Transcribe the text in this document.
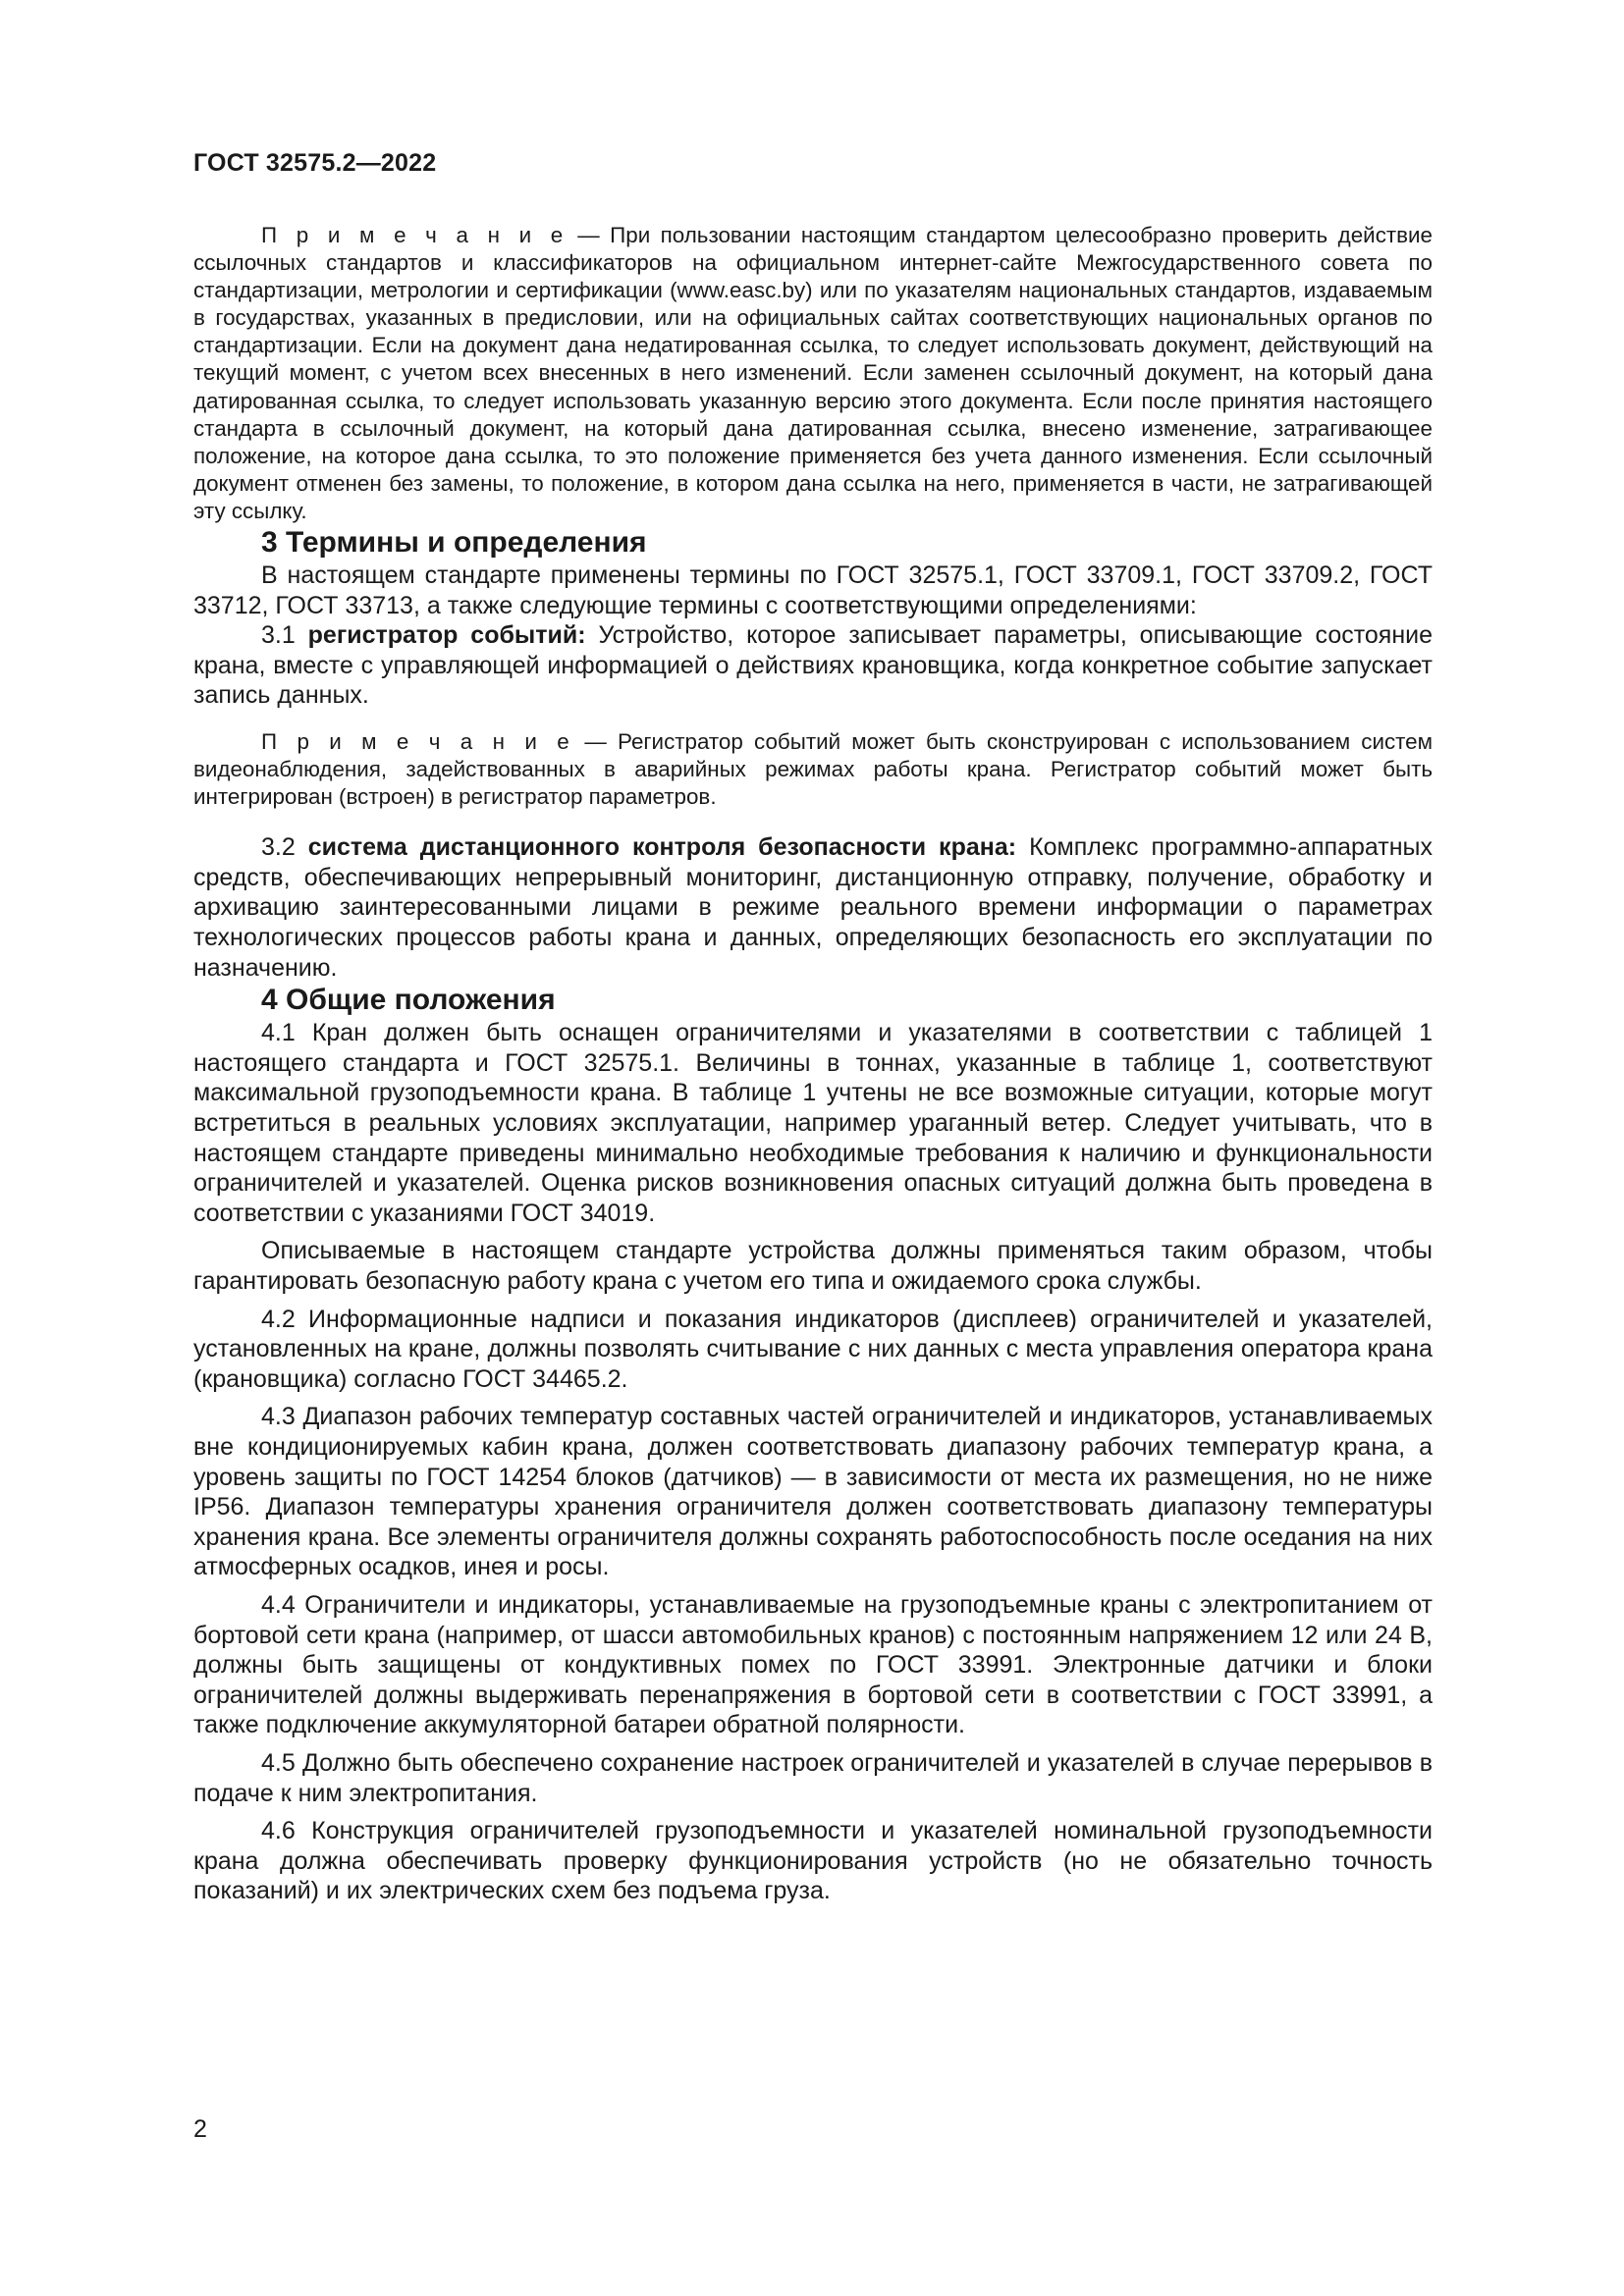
ГОСТ 32575.2—2022

П р и м е ч а н и е — При пользовании настоящим стандартом целесообразно проверить действие ссылочных стандартов и классификаторов на официальном интернет-сайте Межгосударственного совета по стандартизации, метрологии и сертификации (www.easc.by) или по указателям национальных стандартов, издаваемым в государствах, указанных в предисловии, или на официальных сайтах соответствующих национальных органов по стандартизации. Если на документ дана недатированная ссылка, то следует использовать документ, действующий на текущий момент, с учетом всех внесенных в него изменений. Если заменен ссылочный документ, на который дана датированная ссылка, то следует использовать указанную версию этого документа. Если после принятия настоящего стандарта в ссылочный документ, на который дана датированная ссылка, внесено изменение, затрагивающее положение, на которое дана ссылка, то это положение применяется без учета данного изменения. Если ссылочный документ отменен без замены, то положение, в котором дана ссылка на него, применяется в части, не затрагивающей эту ссылку.

3 Термины и определения

В настоящем стандарте применены термины по ГОСТ 32575.1, ГОСТ 33709.1, ГОСТ 33709.2, ГОСТ 33712, ГОСТ 33713, а также следующие термины с соответствующими определениями:

3.1 регистратор событий: Устройство, которое записывает параметры, описывающие состояние крана, вместе с управляющей информацией о действиях крановщика, когда конкретное событие запускает запись данных.

П р и м е ч а н и е — Регистратор событий может быть сконструирован с использованием систем видеонаблюдения, задействованных в аварийных режимах работы крана. Регистратор событий может быть интегрирован (встроен) в регистратор параметров.

3.2 система дистанционного контроля безопасности крана: Комплекс программно-аппаратных средств, обеспечивающих непрерывный мониторинг, дистанционную отправку, получение, обработку и архивацию заинтересованными лицами в режиме реального времени информации о параметрах технологических процессов работы крана и данных, определяющих безопасность его эксплуатации по назначению.

4 Общие положения

4.1 Кран должен быть оснащен ограничителями и указателями в соответствии с таблицей 1 настоящего стандарта и ГОСТ 32575.1. Величины в тоннах, указанные в таблице 1, соответствуют максимальной грузоподъемности крана. В таблице 1 учтены не все возможные ситуации, которые могут встретиться в реальных условиях эксплуатации, например ураганный ветер. Следует учитывать, что в настоящем стандарте приведены минимально необходимые требования к наличию и функциональности ограничителей и указателей. Оценка рисков возникновения опасных ситуаций должна быть проведена в соответствии с указаниями ГОСТ 34019.

Описываемые в настоящем стандарте устройства должны применяться таким образом, чтобы гарантировать безопасную работу крана с учетом его типа и ожидаемого срока службы.

4.2 Информационные надписи и показания индикаторов (дисплеев) ограничителей и указателей, установленных на кране, должны позволять считывание с них данных с места управления оператора крана (крановщика) согласно ГОСТ 34465.2.

4.3 Диапазон рабочих температур составных частей ограничителей и индикаторов, устанавливаемых вне кондиционируемых кабин крана, должен соответствовать диапазону рабочих температур крана, а уровень защиты по ГОСТ 14254 блоков (датчиков) — в зависимости от места их размещения, но не ниже IP56. Диапазон температуры хранения ограничителя должен соответствовать диапазону температуры хранения крана. Все элементы ограничителя должны сохранять работоспособность после оседания на них атмосферных осадков, инея и росы.

4.4 Ограничители и индикаторы, устанавливаемые на грузоподъемные краны с электропитанием от бортовой сети крана (например, от шасси автомобильных кранов) с постоянным напряжением 12 или 24 В, должны быть защищены от кондуктивных помех по ГОСТ 33991. Электронные датчики и блоки ограничителей должны выдерживать перенапряжения в бортовой сети в соответствии с ГОСТ 33991, а также подключение аккумуляторной батареи обратной полярности.

4.5 Должно быть обеспечено сохранение настроек ограничителей и указателей в случае перерывов в подаче к ним электропитания.

4.6 Конструкция ограничителей грузоподъемности и указателей номинальной грузоподъемности крана должна обеспечивать проверку функционирования устройств (но не обязательно точность показаний) и их электрических схем без подъема груза.

2
